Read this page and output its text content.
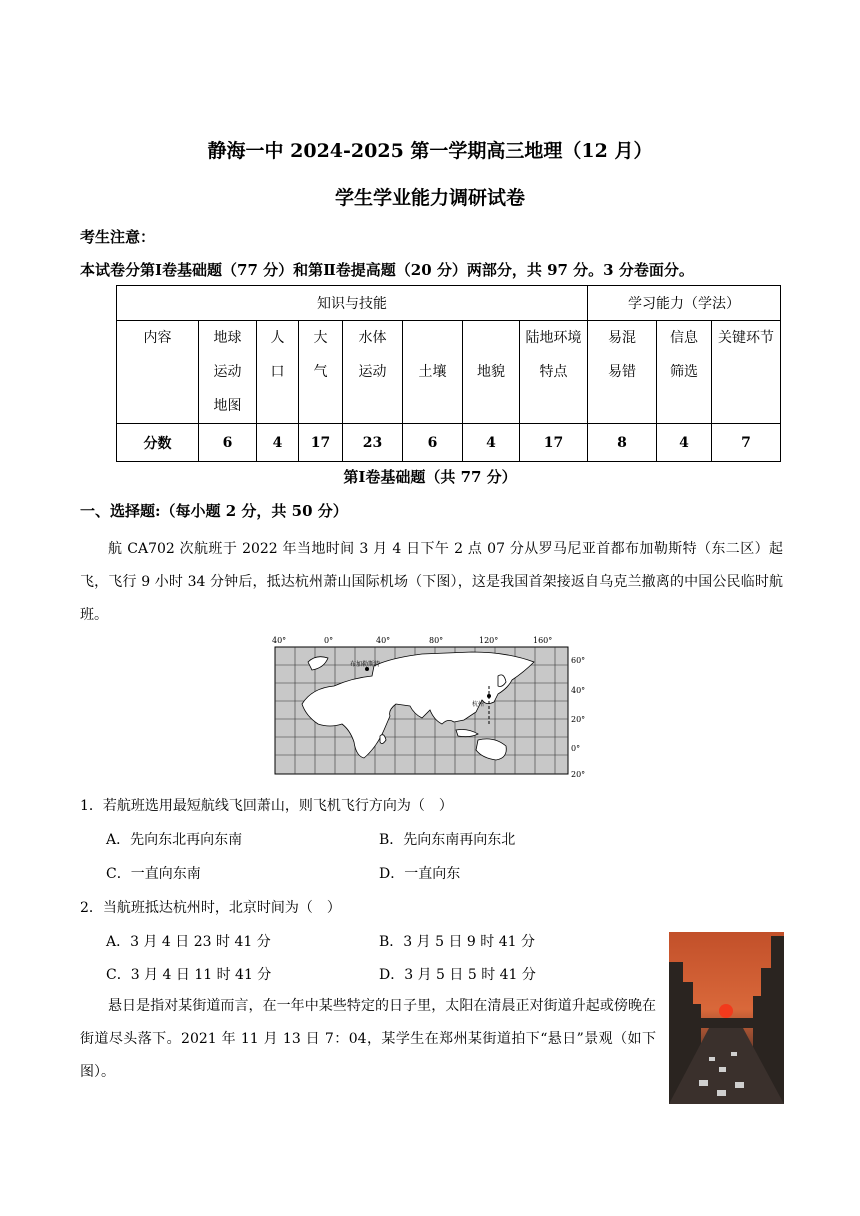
静海一中 2024-2025 第一学期高三地理（12 月）
学生学业能力调研试卷
考生注意：
本试卷分第Ⅰ卷基础题（77 分）和第Ⅱ卷提高题（20 分）两部分，共 97 分。3 分卷面分。
知识与技能								学习能力（学法）		
内容	地球运动地图	人口	大气	水体运动	土壤	地貌	陆地环境特点	易混易错	信息筛选	关键环节
分数	6	4	17	23	6	4	17	8	4	7
第Ⅰ卷基础题（共 77 分）
一、选择题:（每小题 2 分，共 50 分）
航 CA702 次航班于 2022 年当地时间 3 月 4 日下午 2 点 07 分从罗马尼亚首都布加勒斯特（东二区）起飞，飞行 9 小时 34 分钟后，抵达杭州萧山国际机场（下图），这是我国首架接返自乌克兰撤离的中国公民临时航班。
布加勒斯特
杭州
40°	0°	40°	80°	120°	160°
60°
40°
20°
0°
20°
1．若航班选用最短航线飞回萧山，则飞机飞行方向为（　）
A．先向东北再向东南	B．先向东南再向东北
C．一直向东南	D．一直向东
2．当航班抵达杭州时，北京时间为（　）
A．3 月 4 日 23 时 41 分	B．3 月 5 日 9 时 41 分
C．3 月 4 日 11 时 41 分	D．3 月 5 日 5 时 41 分
悬日是指对某街道而言，在一年中某些特定的日子里，太阳在清晨正对街道升起或傍晚在街道尽头落下。2021 年 11 月 13 日 7：04，某学生在郑州某街道拍下“悬日”景观（如下图）。
